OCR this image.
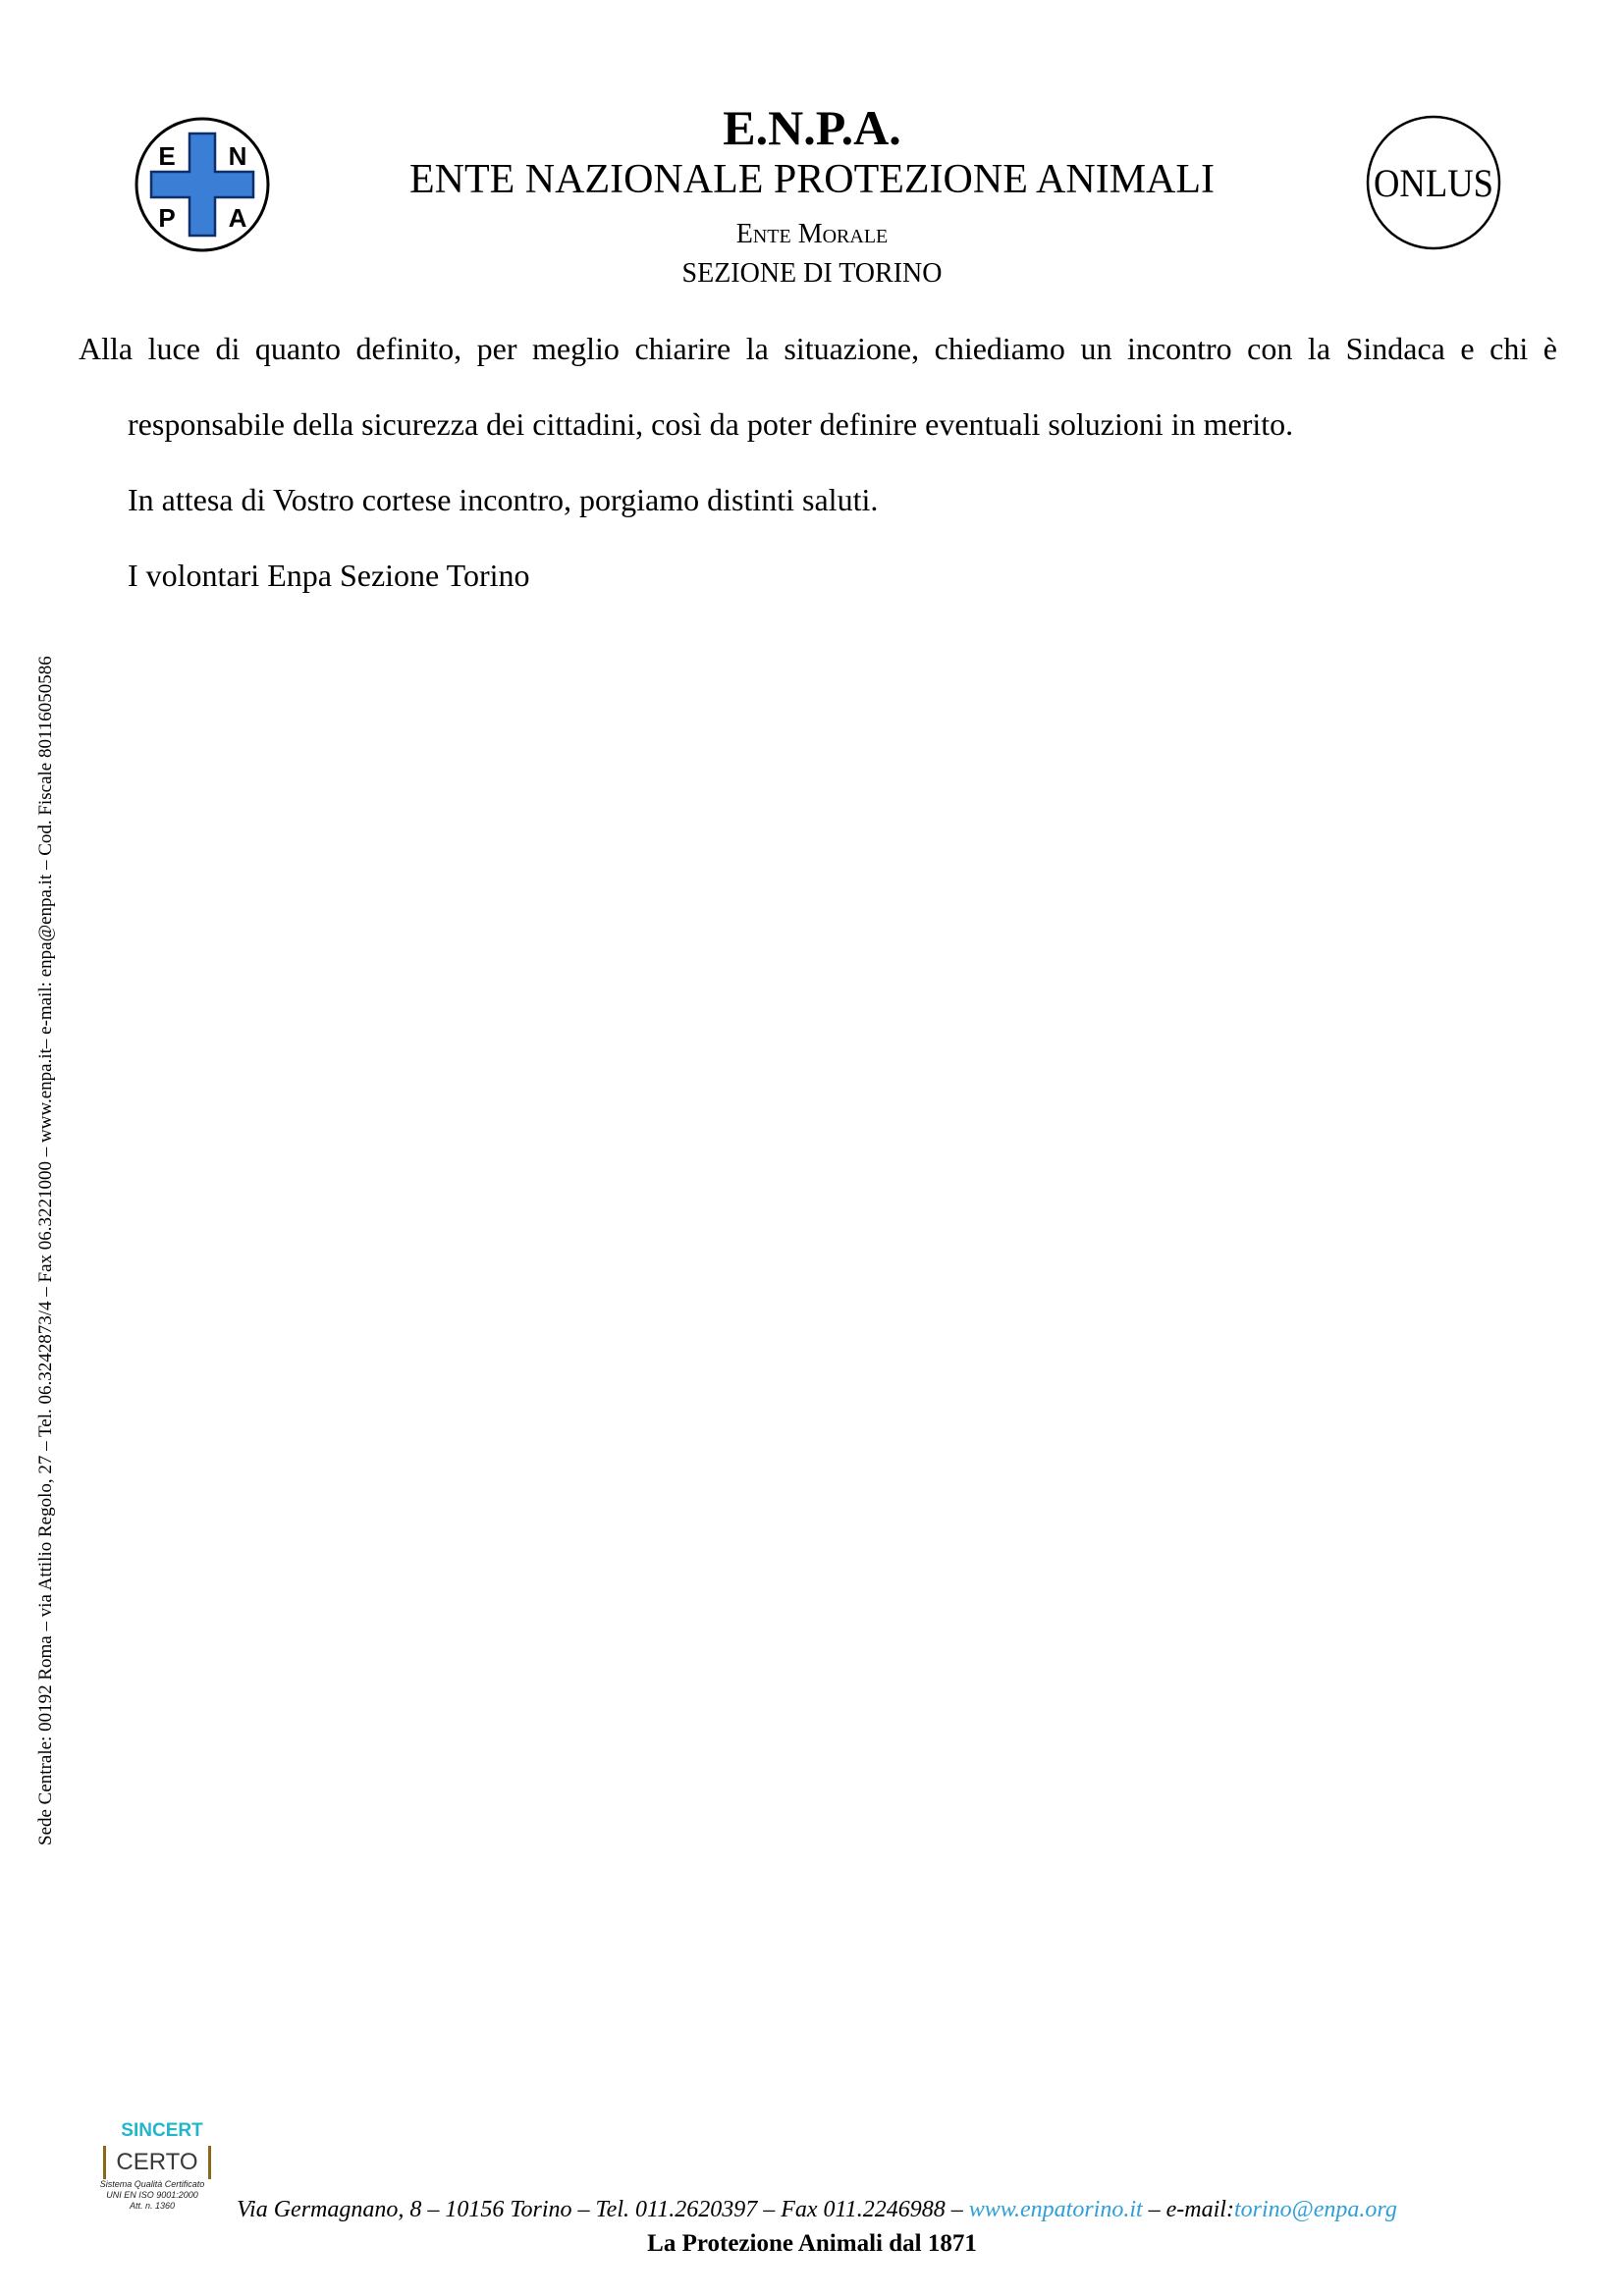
E N
P A
ONLUS
E.N.P.A.
ENTE NAZIONALE PROTEZIONE ANIMALI
Ente Morale
SEZIONE DI TORINO
Alla luce di quanto definito, per meglio chiarire la situazione, chiediamo un incontro con la Sindaca e chi è
responsabile della sicurezza dei cittadini, così da poter definire eventuali soluzioni in merito.
In attesa di Vostro cortese incontro, porgiamo distinti saluti.
I volontari Enpa Sezione Torino
Sede Centrale: 00192 Roma – via Attilio Regolo, 27 – Tel. 06.3242873/4 – Fax 06.3221000 – www.enpa.it– e-mail: enpa@enpa.it – Cod. Fiscale 80116050586
SINCERT
CERTO
Sistema Qualità Certificato
UNI EN ISO 9001:2000
Att. n. 1360	Via Germagnano, 8 – 10156 Torino – Tel. 011.2620397 – Fax 011.2246988 – www.enpatorino.it – e-mail:torino@enpa.org
La Protezione Animali dal 1871
